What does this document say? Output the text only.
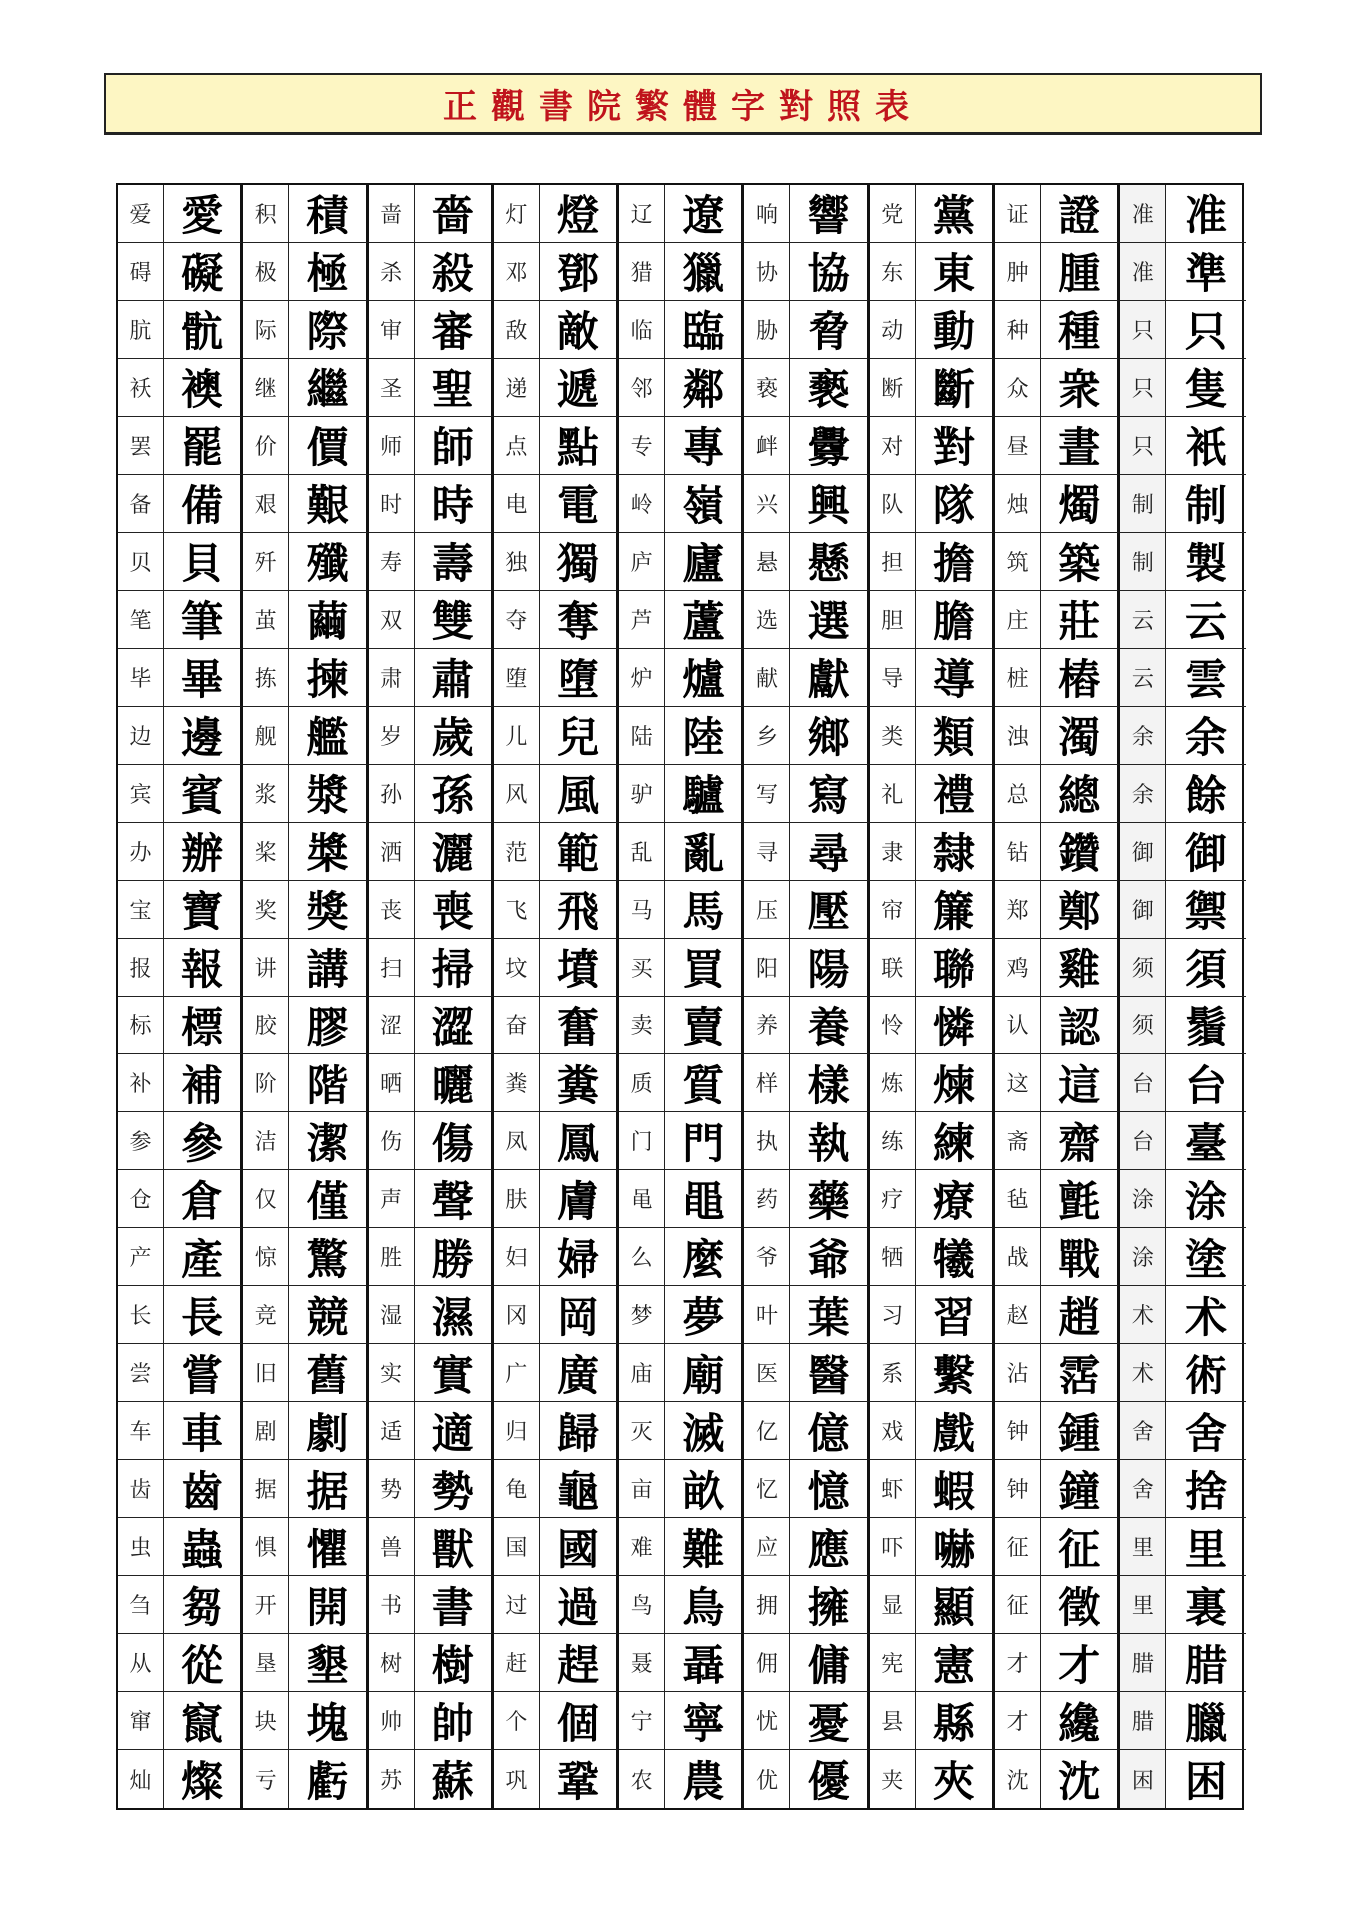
正觀書院繁體字對照表
爱 愛	积 積	啬 嗇	灯 燈	辽 遼	响 響	党 黨	证 證	准 准
碍 礙	极 極	杀 殺	邓 鄧	猎 獵	协 協	东 東	肿 腫	准 準
肮 骯	际 際	审 審	敌 敵	临 臨	胁 脅	动 動	种 種	只 只
袄 襖	继 繼	圣 聖	递 遞	邻 鄰	亵 褻	断 斷	众 衆	只 隻
罢 罷	价 價	师 師	点 點	专 專	衅 釁	对 對	昼 晝	只 衹
备 備	艰 艱	时 時	电 電	岭 嶺	兴 興	队 隊	烛 燭	制 制
贝 貝	歼 殲	寿 壽	独 獨	庐 廬	悬 懸	担 擔	筑 築	制 製
笔 筆	茧 繭	双 雙	夺 奪	芦 蘆	选 選	胆 膽	庄 莊	云 云
毕 畢	拣 揀	肃 肅	堕 墮	炉 爐	献 獻	导 導	桩 樁	云 雲
边 邊	舰 艦	岁 歲	儿 兒	陆 陸	乡 鄉	类 類	浊 濁	余 余
宾 賓	浆 漿	孙 孫	风 風	驴 驢	写 寫	礼 禮	总 總	余 餘
办 辦	桨 槳	洒 灑	范 範	乱 亂	寻 尋	隶 隸	钻 鑽	御 御
宝 寶	奖 獎	丧 喪	飞 飛	马 馬	压 壓	帘 簾	郑 鄭	御 禦
报 報	讲 講	扫 掃	坟 墳	买 買	阳 陽	联 聯	鸡 雞	须 須
标 標	胶 膠	涩 澀	奋 奮	卖 賣	养 養	怜 憐	认 認	须 鬚
补 補	阶 階	晒 曬	粪 糞	质 質	样 樣	炼 煉	这 這	台 台
参 參	洁 潔	伤 傷	凤 鳳	门 門	执 執	练 練	斋 齋	台 臺
仓 倉	仅 僅	声 聲	肤 膚	黾 黽	药 藥	疗 療	毡 氈	涂 涂
产 產	惊 驚	胜 勝	妇 婦	么 麼	爷 爺	牺 犧	战 戰	涂 塗
长 長	竞 競	湿 濕	冈 岡	梦 夢	叶 葉	习 習	赵 趙	术 术
尝 嘗	旧 舊	实 實	广 廣	庙 廟	医 醫	系 繫	沾 霑	术 術
车 車	剧 劇	适 適	归 歸	灭 滅	亿 億	戏 戲	钟 鍾	舍 舍
齿 齒	据 据	势 勢	龟 龜	亩 畝	忆 憶	虾 蝦	钟 鐘	舍 捨
虫 蟲	惧 懼	兽 獸	国 國	难 難	应 應	吓 嚇	征 征	里 里
刍 芻	开 開	书 書	过 過	鸟 鳥	拥 擁	显 顯	征 徵	里 裏
从 從	垦 墾	树 樹	赶 趕	聂 聶	佣 傭	宪 憲	才 才	腊 腊
窜 竄	块 塊	帅 帥	个 個	宁 寧	忧 憂	县 縣	才 纔	腊 臘
灿 燦	亏 虧	苏 蘇	巩 鞏	农 農	优 優	夹 夾	沈 沈	困 困
